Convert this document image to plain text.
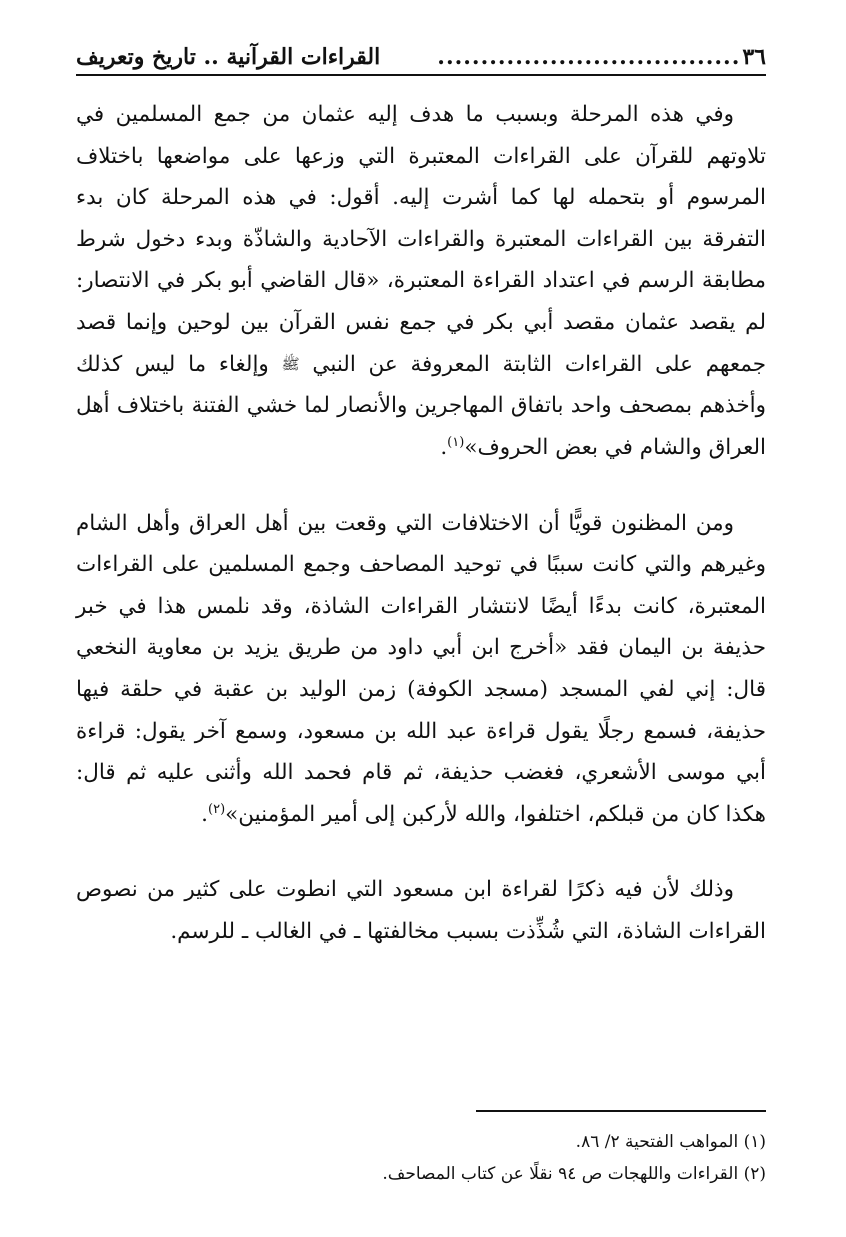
٣٦
...................................
القراءات القرآنية .. تاريخ وتعريف

وفي هذه المرحلة وبسبب ما هدف إليه عثمان من جمع المسلمين في تلاوتهم للقرآن على القراءات المعتبرة التي وزعها على مواضعها باختلاف المرسوم أو بتحمله لها كما أشرت إليه. أقول: في هذه المرحلة كان بدء التفرقة بين القراءات المعتبرة والقراءات الآحادية والشاذّة وبدء دخول شرط مطابقة الرسم في اعتداد القراءة المعتبرة، «قال القاضي أبو بكر في الانتصار: لم يقصد عثمان مقصد أبي بكر في جمع نفس القرآن بين لوحين وإنما قصد جمعهم على القراءات الثابتة المعروفة عن النبي ﷺ وإلغاء ما ليس كذلك وأخذهم بمصحف واحد باتفاق المهاجرين والأنصار لما خشي الفتنة باختلاف أهل العراق والشام في بعض الحروف»$^{(١)}$.

ومن المظنون قويًّا أن الاختلافات التي وقعت بين أهل العراق وأهل الشام وغيرهم والتي كانت سببًا في توحيد المصاحف وجمع المسلمين على القراءات المعتبرة، كانت بدءًا أيضًا لانتشار القراءات الشاذة، وقد نلمس هذا في خبر حذيفة بن اليمان فقد «أخرج ابن أبي داود من طريق يزيد بن معاوية النخعي قال: إني لفي المسجد (مسجد الكوفة) زمن الوليد بن عقبة في حلقة فيها حذيفة، فسمع رجلًا يقول قراءة عبد الله بن مسعود، وسمع آخر يقول: قراءة أبي موسى الأشعري، فغضب حذيفة، ثم قام فحمد الله وأثنى عليه ثم قال: هكذا كان من قبلكم، اختلفوا، والله لأركبن إلى أمير المؤمنين»$^{(٢)}$.

وذلك لأن فيه ذكرًا لقراءة ابن مسعود التي انطوت على كثير من نصوص القراءات الشاذة، التي شُذِّذت بسبب مخالفتها ـ في الغالب ـ للرسم.

(١) المواهب الفتحية ٢/ ٨٦.

(٢) القراءات واللهجات ص ٩٤ نقلًا عن كتاب المصاحف.
